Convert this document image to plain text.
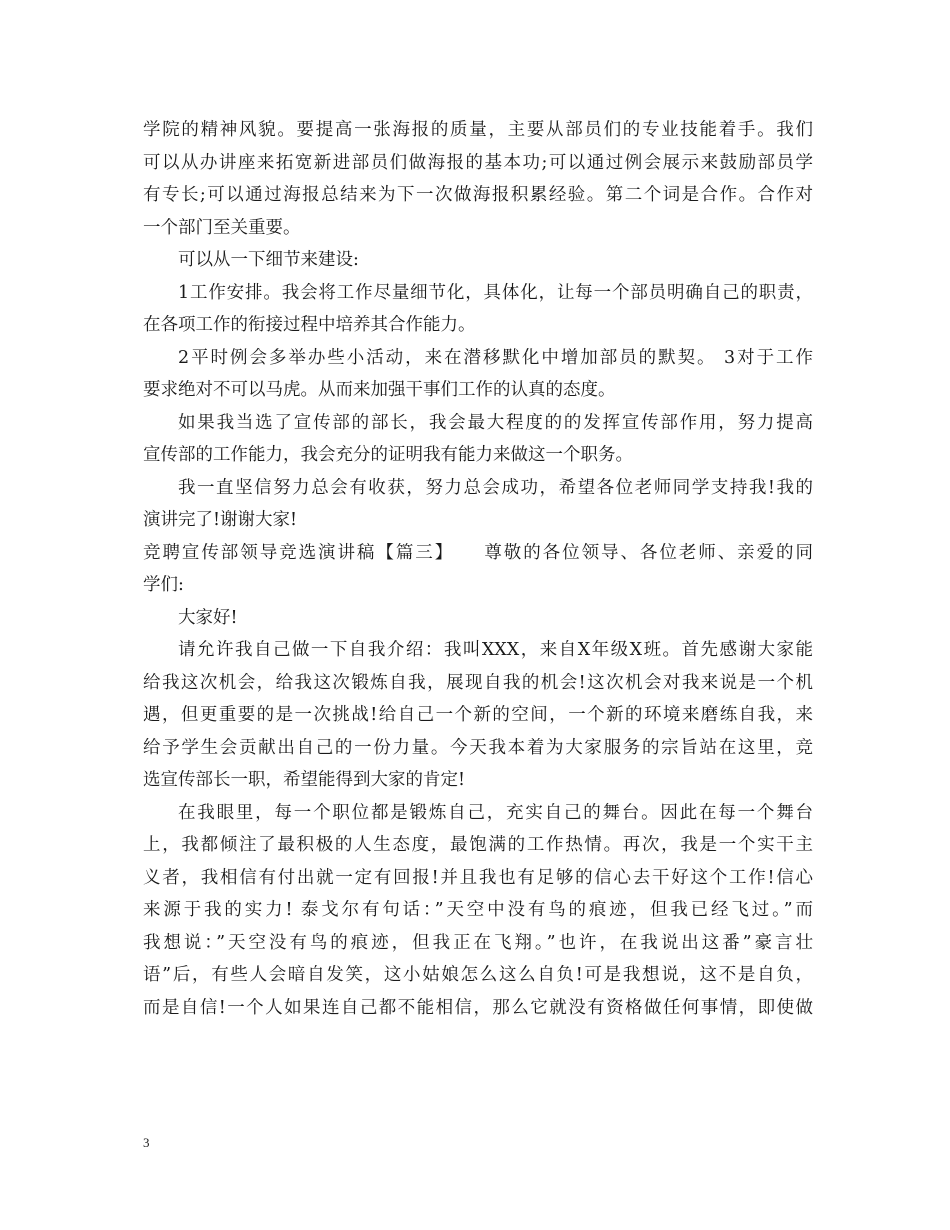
学院的精神风貌。要提高一张海报的质量，主要从部员们的专业技能着手。我们
可以从办讲座来拓宽新进部员们做海报的基本功;可以通过例会展示来鼓励部员学
有专长;可以通过海报总结来为下一次做海报积累经验。第二个词是合作。合作对
一个部门至关重要。
可以从一下细节来建设:
1工作安排。我会将工作尽量细节化，具体化，让每一个部员明确自己的职责，
在各项工作的衔接过程中培养其合作能力。
2平时例会多举办些小活动，来在潜移默化中增加部员的默契。 3对于工作
要求绝对不可以马虎。从而来加强干事们工作的认真的态度。
如果我当选了宣传部的部长，我会最大程度的的发挥宣传部作用，努力提高
宣传部的工作能力，我会充分的证明我有能力来做这一个职务。
我一直坚信努力总会有收获，努力总会成功，希望各位老师同学支持我!我的
演讲完了!谢谢大家!
竞聘宣传部领导竞选演讲稿【篇三】　　尊敬的各位领导、各位老师、亲爱的同
学们:
大家好!
请允许我自己做一下自我介绍：我叫XXX，来自X年级X班。首先感谢大家能
给我这次机会，给我这次锻炼自我，展现自我的机会!这次机会对我来说是一个机
遇，但更重要的是一次挑战!给自己一个新的空间，一个新的环境来磨练自我，来
给予学生会贡献出自己的一份力量。今天我本着为大家服务的宗旨站在这里，竞
选宣传部长一职，希望能得到大家的肯定!
在我眼里，每一个职位都是锻炼自己，充实自己的舞台。因此在每一个舞台
上，我都倾注了最积极的人生态度，最饱满的工作热情。再次，我是一个实干主
义者，我相信有付出就一定有回报!并且我也有足够的信心去干好这个工作!信心
来源于我的实力! 泰戈尔有句话：”天空中没有鸟的痕迹，但我已经飞过。”而
我想说：”天空没有鸟的痕迹，但我正在飞翔。”也许，在我说出这番”豪言壮
语”后，有些人会暗自发笑，这小姑娘怎么这么自负!可是我想说，这不是自负，
而是自信!一个人如果连自己都不能相信，那么它就没有资格做任何事情，即使做
3
